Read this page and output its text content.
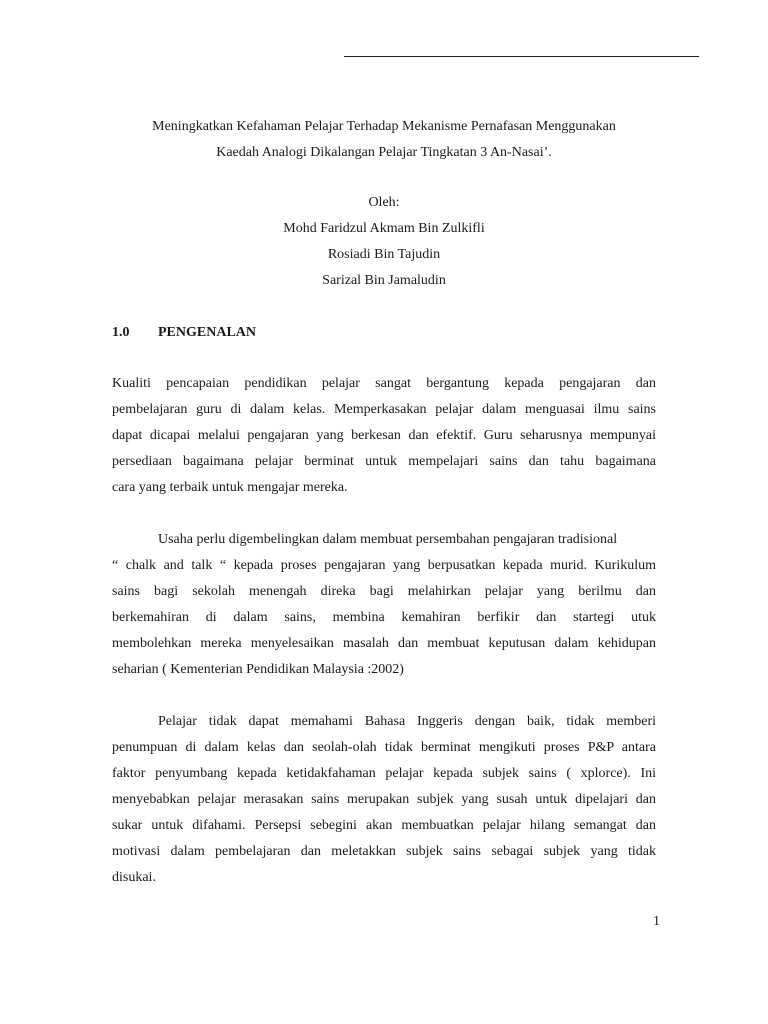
Meningkatkan Kefahaman Pelajar Terhadap Mekanisme Pernafasan Menggunakan
Kaedah Analogi Dikalangan Pelajar Tingkatan 3 An-Nasai’.
Oleh:
Mohd Faridzul Akmam Bin Zulkifli
Rosiadi Bin Tajudin
Sarizal Bin Jamaludin
1.0 PENGENALAN
Kualiti pencapaian pendidikan pelajar sangat bergantung kepada pengajaran dan
pembelajaran guru di dalam kelas. Memperkasakan pelajar dalam menguasai ilmu sains
dapat dicapai melalui pengajaran yang berkesan dan efektif. Guru seharusnya mempunyai
persediaan bagaimana pelajar berminat untuk mempelajari sains dan tahu bagaimana
cara yang terbaik untuk mengajar mereka.
Usaha perlu digembelingkan dalam membuat persembahan pengajaran tradisional
“ chalk and talk “ kepada proses pengajaran yang berpusatkan kepada murid. Kurikulum
sains bagi sekolah menengah direka bagi melahirkan pelajar yang berilmu dan
berkemahiran di dalam sains, membina kemahiran berfikir dan startegi utuk
membolehkan mereka menyelesaikan masalah dan membuat keputusan dalam kehidupan
seharian ( Kementerian Pendidikan Malaysia :2002)
Pelajar tidak dapat memahami Bahasa Inggeris dengan baik, tidak memberi
penumpuan di dalam kelas dan seolah-olah tidak berminat mengikuti proses P&P antara
faktor penyumbang kepada ketidakfahaman pelajar kepada subjek sains ( xplorce). Ini
menyebabkan pelajar merasakan sains merupakan subjek yang susah untuk dipelajari dan
sukar untuk difahami. Persepsi sebegini akan membuatkan pelajar hilang semangat dan
motivasi dalam pembelajaran dan meletakkan subjek sains sebagai subjek yang tidak
disukai.
1
